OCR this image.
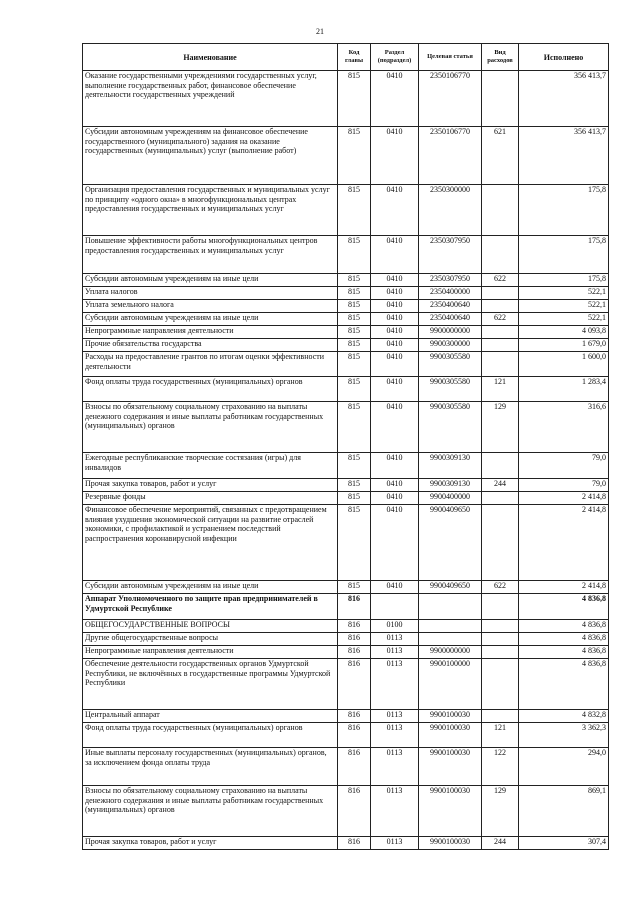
21
Наименование	Код главы	Раздел (подраздел)	Целевая статья	Вид расходов	Исполнено
Оказание государственными учреждениями государственных услуг, выполнение государственных работ, финансовое обеспечение деятельности государственных учреждений	815	0410	2350106770		356 413,7
Субсидии автономным учреждениям на финансовое обеспечение государственного (муниципального) задания на оказание государственных (муниципальных) услуг (выполнение работ)	815	0410	2350106770	621	356 413,7
Организация предоставления государственных и муниципальных услуг по принципу «одного окна» в многофункциональных центрах предоставления государственных и муниципальных услуг	815	0410	2350300000		175,8
Повышение эффективности работы многофункциональных центров предоставления государственных и муниципальных услуг	815	0410	2350307950		175,8
Субсидии автономным учреждениям на иные цели	815	0410	2350307950	622	175,8
Уплата налогов	815	0410	2350400000		522,1
Уплата земельного налога	815	0410	2350400640		522,1
Субсидии автономным учреждениям на иные цели	815	0410	2350400640	622	522,1
Непрограммные направления деятельности	815	0410	9900000000		4 093,8
Прочие обязательства государства	815	0410	9900300000		1 679,0
Расходы на предоставление грантов по итогам оценки эффективности деятельности	815	0410	9900305580		1 600,0
Фонд оплаты труда государственных (муниципальных) органов	815	0410	9900305580	121	1 283,4
Взносы по обязательному социальному страхованию на выплаты денежного содержания и иные выплаты работникам государственных (муниципальных) органов	815	0410	9900305580	129	316,6
Ежегодные республиканские творческие состязания (игры) для инвалидов	815	0410	9900309130		79,0
Прочая закупка товаров, работ и услуг	815	0410	9900309130	244	79,0
Резервные фонды	815	0410	9900400000		2 414,8
Финансовое обеспечение мероприятий, связанных с предотвращением влияния ухудшения экономической ситуации на развитие отраслей экономики, с профилактикой и устранением последствий распространения коронавирусной инфекции	815	0410	9900409650		2 414,8
Субсидии автономным учреждениям на иные цели	815	0410	9900409650	622	2 414,8
Аппарат Уполномоченного по защите прав предпринимателей в Удмуртской Республике	816				4 836,8
ОБЩЕГОСУДАРСТВЕННЫЕ ВОПРОСЫ	816	0100			4 836,8
Другие общегосударственные вопросы	816	0113			4 836,8
Непрограммные направления деятельности	816	0113	9900000000		4 836,8
Обеспечение деятельности государственных органов Удмуртской Республики, не включённых в государственные программы Удмуртской Республики	816	0113	9900100000		4 836,8
Центральный аппарат	816	0113	9900100030		4 832,8
Фонд оплаты труда государственных (муниципальных) органов	816	0113	9900100030	121	3 362,3
Иные выплаты персоналу государственных (муниципальных) органов, за исключением фонда оплаты труда	816	0113	9900100030	122	294,0
Взносы по обязательному социальному страхованию на выплаты денежного содержания и иные выплаты работникам государственных (муниципальных) органов	816	0113	9900100030	129	869,1
Прочая закупка товаров, работ и услуг	816	0113	9900100030	244	307,4
